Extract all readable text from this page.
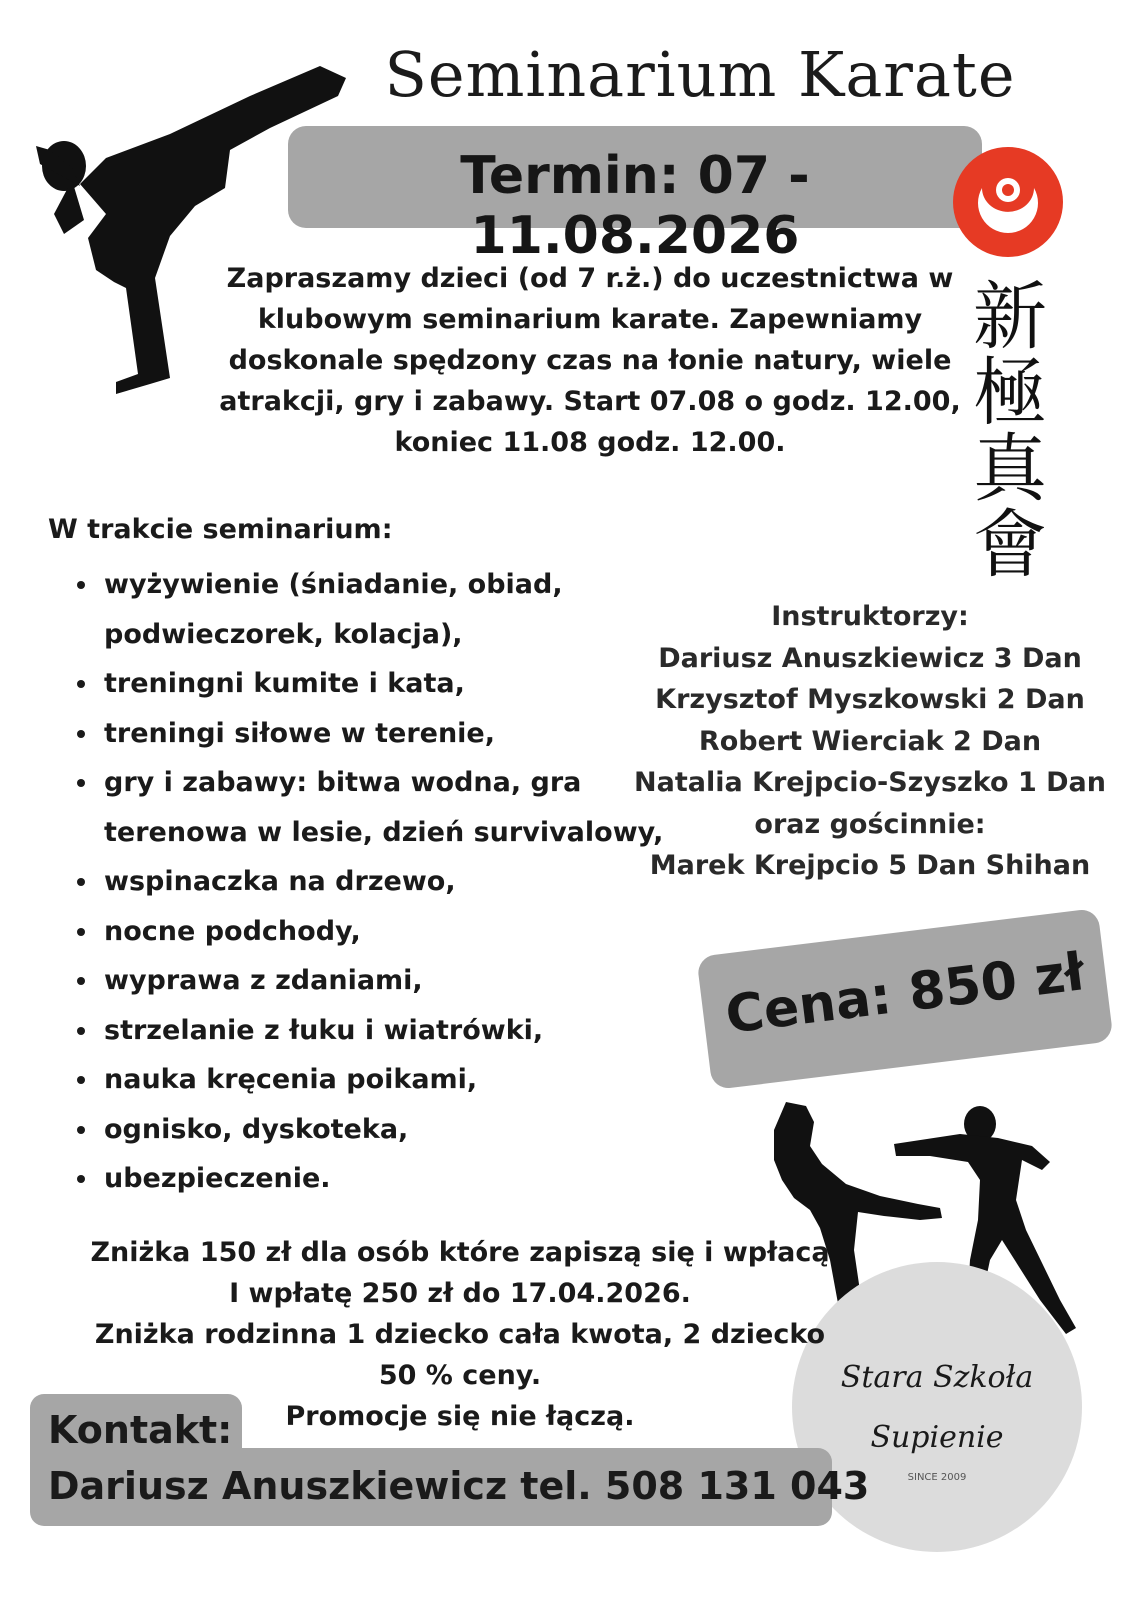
Seminarium Karate
Termin: 07 - 11.08.2026
新
極
真
會
Zapraszamy dzieci (od 7 r.ż.) do uczestnictwa w
klubowym seminarium karate. Zapewniamy
doskonale spędzony czas na łonie natury, wiele
atrakcji, gry i zabawy. Start 07.08 o godz. 12.00,
koniec 11.08 godz. 12.00.
W trakcie seminarium:
• wyżywienie (śniadanie, obiad, podwieczorek, kolacja),
• treningni kumite i kata,
• treningi siłowe w terenie,
• gry i zabawy: bitwa wodna, gra terenowa w lesie, dzień survivalowy,
• wspinaczka na drzewo,
• nocne podchody,
• wyprawa z zdaniami,
• strzelanie z łuku i wiatrówki,
• nauka kręcenia poikami,
• ognisko, dyskoteka,
• ubezpieczenie.
Instruktorzy:
Dariusz Anuszkiewicz 3 Dan
Krzysztof Myszkowski 2 Dan
Robert Wierciak 2 Dan
Natalia Krejpcio-Szyszko 1 Dan
oraz gościnnie:
Marek Krejpcio 5 Dan Shihan
Cena: 850 zł
Stara Szkoła
Supienie
SINCE 2009
Zniżka 150 zł dla osób które zapiszą się i wpłacą
I wpłatę 250 zł do 17.04.2026.
Zniżka rodzinna 1 dziecko cała kwota, 2 dziecko
50 % ceny.
Promocje się nie łączą.
Kontakt:
Dariusz Anuszkiewicz tel. 508 131 043
